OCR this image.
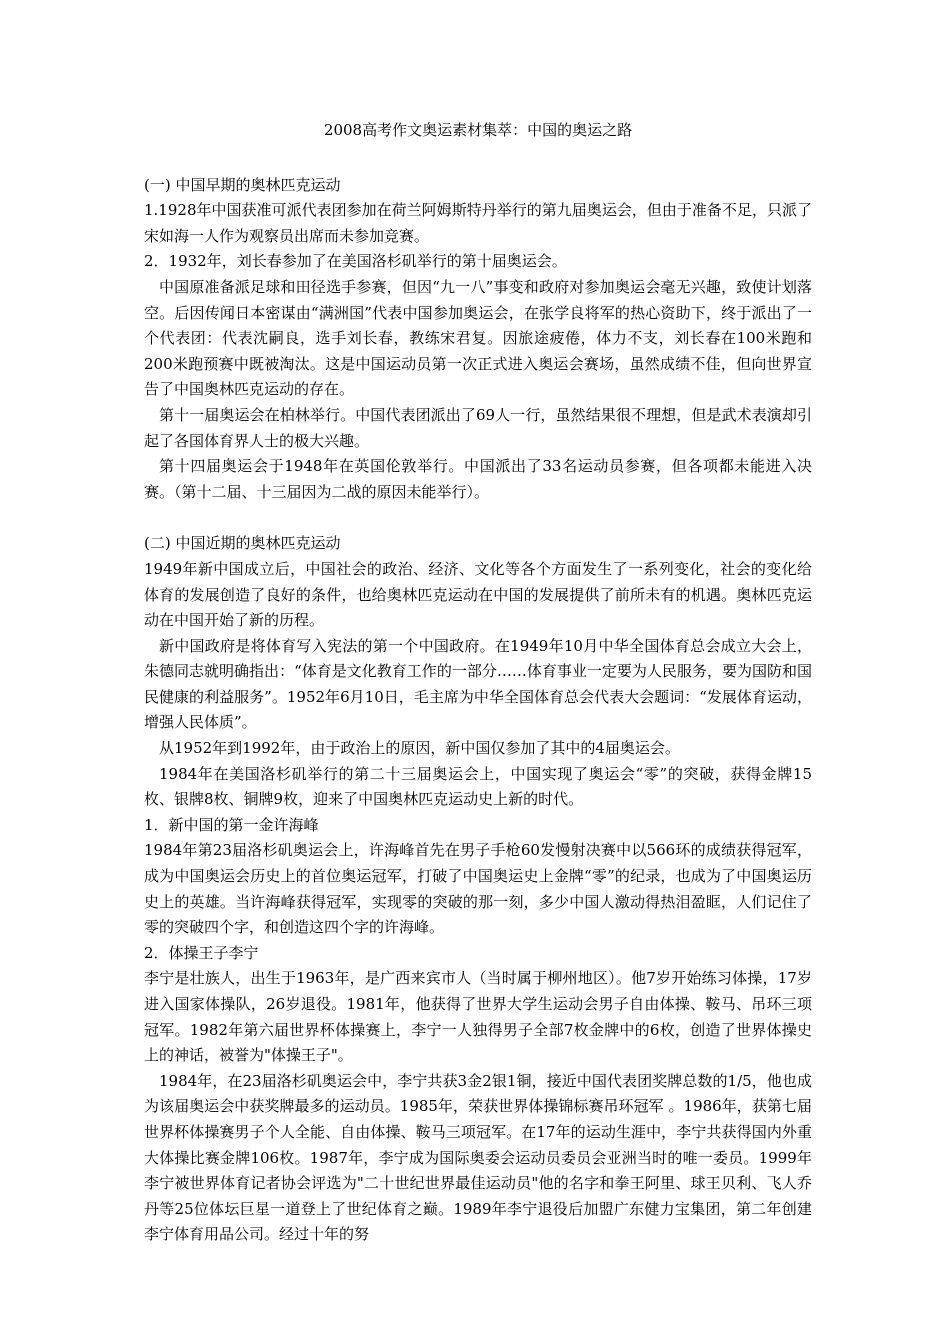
2008高考作文奥运素材集萃：中国的奥运之路

(一) 中国早期的奥林匹克运动

1.1928年中国获准可派代表团参加在荷兰阿姆斯特丹举行的第九届奥运会，但由于准备不足，只派了宋如海一人作为观察员出席而未参加竞赛。

2．1932年，刘长春参加了在美国洛杉矶举行的第十届奥运会。

中国原准备派足球和田径选手参赛，但因“九一八”事变和政府对参加奥运会毫无兴趣，致使计划落空。后因传闻日本密谋由“满洲国”代表中国参加奥运会，在张学良将军的热心资助下，终于派出了一个代表团：代表沈嗣良，选手刘长春，教练宋君复。因旅途疲倦，体力不支，刘长春在100米跑和200米跑预赛中既被淘汰。这是中国运动员第一次正式进入奥运会赛场，虽然成绩不佳，但向世界宣告了中国奥林匹克运动的存在。

第十一届奥运会在柏林举行。中国代表团派出了69人一行，虽然结果很不理想，但是武术表演却引起了各国体育界人士的极大兴趣。

第十四届奥运会于1948年在英国伦敦举行。中国派出了33名运动员参赛，但各项都未能进入决赛。（第十二届、十三届因为二战的原因未能举行）。

(二) 中国近期的奥林匹克运动

1949年新中国成立后，中国社会的政治、经济、文化等各个方面发生了一系列变化，社会的变化给体育的发展创造了良好的条件，也给奥林匹克运动在中国的发展提供了前所未有的机遇。奥林匹克运动在中国开始了新的历程。

新中国政府是将体育写入宪法的第一个中国政府。在1949年10月中华全国体育总会成立大会上，朱德同志就明确指出：“体育是文化教育工作的一部分……体育事业一定要为人民服务，要为国防和国民健康的利益服务”。1952年6月10日，毛主席为中华全国体育总会代表大会题词：“发展体育运动，增强人民体质”。

从1952年到1992年，由于政治上的原因，新中国仅参加了其中的4届奥运会。

1984年在美国洛杉矶举行的第二十三届奥运会上，中国实现了奥运会“零”的突破，获得金牌15枚、银牌8枚、铜牌9枚，迎来了中国奥林匹克运动史上新的时代。

1．新中国的第一金许海峰

1984年第23届洛杉矶奥运会上，许海峰首先在男子手枪60发慢射决赛中以566环的成绩获得冠军，成为中国奥运会历史上的首位奥运冠军，打破了中国奥运史上金牌“零”的纪录，也成为了中国奥运历史上的英雄。当许海峰获得冠军，实现零的突破的那一刻，多少中国人激动得热泪盈眶，人们记住了零的突破四个字，和创造这四个字的许海峰。

2．体操王子李宁

李宁是壮族人，出生于1963年，是广西来宾市人（当时属于柳州地区）。他7岁开始练习体操，17岁进入国家体操队，26岁退役。1981年，他获得了世界大学生运动会男子自由体操、鞍马、吊环三项冠军。1982年第六届世界杯体操赛上，李宁一人独得男子全部7枚金牌中的6枚，创造了世界体操史上的神话，被誉为"体操王子"。

1984年，在23届洛杉矶奥运会中，李宁共获3金2银1铜，接近中国代表团奖牌总数的1/5，他也成为该届奥运会中获奖牌最多的运动员。1985年，荣获世界体操锦标赛吊环冠军 。1986年，获第七届世界杯体操赛男子个人全能、自由体操、鞍马三项冠军。在17年的运动生涯中，李宁共获得国内外重大体操比赛金牌106枚。1987年，李宁成为国际奥委会运动员委员会亚洲当时的唯一委员。1999年李宁被世界体育记者协会评选为"二十世纪世界最佳运动员"他的名字和拳王阿里、球王贝利、飞人乔丹等25位体坛巨星一道登上了世纪体育之巅。1989年李宁退役后加盟广东健力宝集团，第二年创建李宁体育用品公司。经过十年的努
